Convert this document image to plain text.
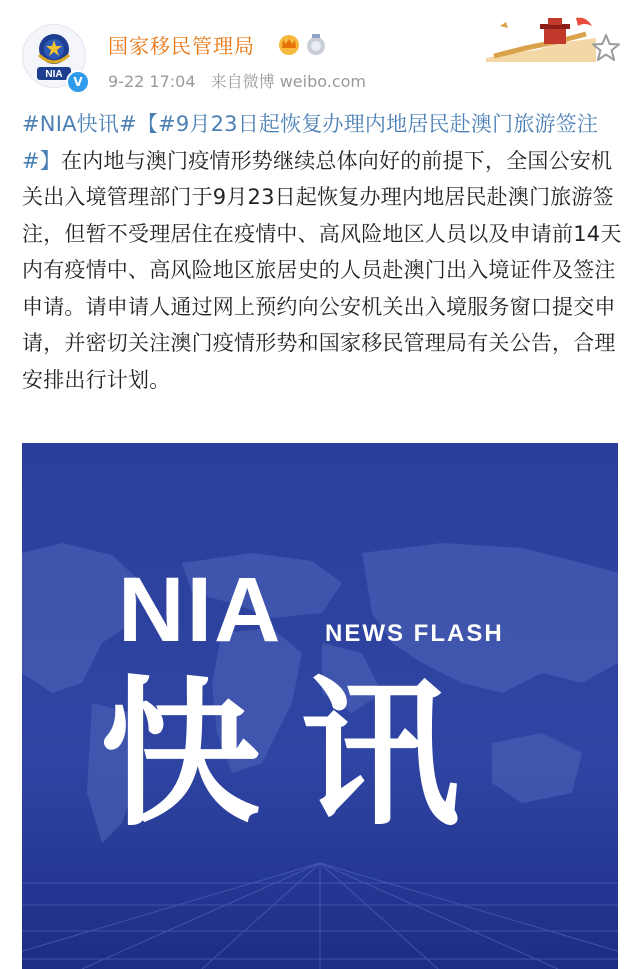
NIA
V
国家移民管理局
9-22 17:04 来自微博 weibo.com
#NIA快讯#【#9月23日起恢复办理内地居民赴澳门旅游签注#】在内地与澳门疫情形势继续总体向好的前提下，全国公安机关出入境管理部门于9月23日起恢复办理内地居民赴澳门旅游签注，但暂不受理居住在疫情中、高风险地区人员以及申请前14天内有疫情中、高风险地区旅居史的人员赴澳门出入境证件及签注申请。请申请人通过网上预约向公安机关出入境服务窗口提交申请，并密切关注澳门疫情形势和国家移民管理局有关公告，合理安排出行计划。
NIA NEWS FLASH
快讯
